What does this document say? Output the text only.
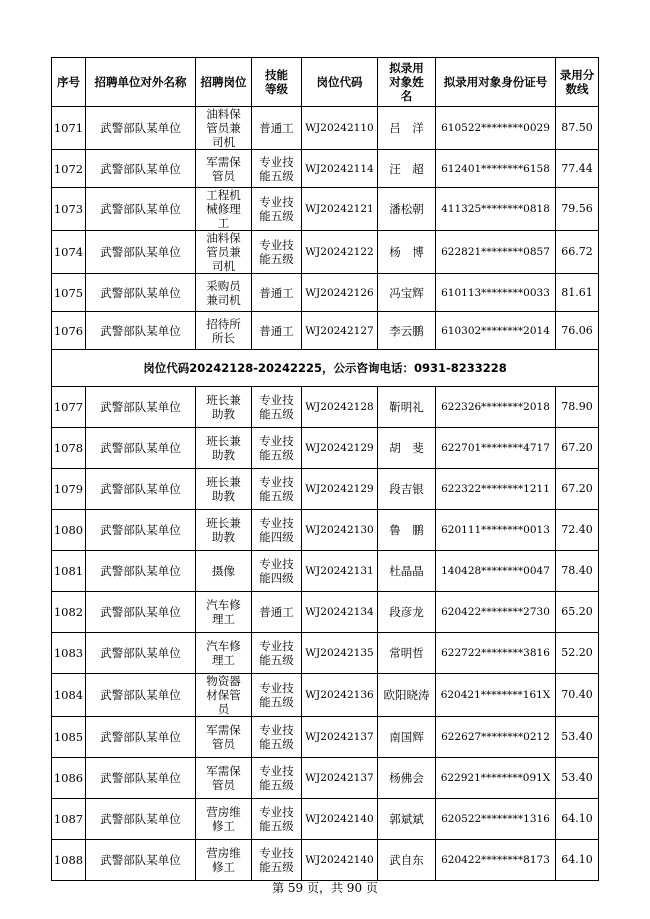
序号	招聘单位对外名称	招聘岗位	技能等级	岗位代码	拟录用对象姓名	拟录用对象身份证号	录用分数线
1071	武警部队某单位	油料保管员兼司机	普通工	WJ20242110	吕　洋	610522********0029	87.50
1072	武警部队某单位	军需保管员	专业技能五级	WJ20242114	汪　超	612401********6158	77.44
1073	武警部队某单位	工程机械修理工	专业技能五级	WJ20242121	潘松朝	411325********0818	79.56
1074	武警部队某单位	油料保管员兼司机	专业技能五级	WJ20242122	杨　博	622821********0857	66.72
1075	武警部队某单位	采购员兼司机	普通工	WJ20242126	冯宝辉	610113********0033	81.61
1076	武警部队某单位	招待所所长	普通工	WJ20242127	李云鹏	610302********2014	76.06
岗位代码20242128-20242225，公示咨询电话：0931-8233228							
1077	武警部队某单位	班长兼助教	专业技能五级	WJ20242128	靳明礼	622326********2018	78.90
1078	武警部队某单位	班长兼助教	专业技能五级	WJ20242129	胡　斐	622701********4717	67.20
1079	武警部队某单位	班长兼助教	专业技能五级	WJ20242129	段吉银	622322********1211	67.20
1080	武警部队某单位	班长兼助教	专业技能四级	WJ20242130	鲁　鹏	620111********0013	72.40
1081	武警部队某单位	摄像	专业技能四级	WJ20242131	杜晶晶	140428********0047	78.40
1082	武警部队某单位	汽车修理工	普通工	WJ20242134	段彦龙	620422********2730	65.20
1083	武警部队某单位	汽车修理工	专业技能五级	WJ20242135	常明哲	622722********3816	52.20
1084	武警部队某单位	物资器材保管员	专业技能五级	WJ20242136	欧阳晓涛	620421********161X	70.40
1085	武警部队某单位	军需保管员	专业技能五级	WJ20242137	南国辉	622627********0212	53.40
1086	武警部队某单位	军需保管员	专业技能五级	WJ20242137	杨佛会	622921********091X	53.40
1087	武警部队某单位	营房维修工	专业技能五级	WJ20242140	郭斌斌	620522********1316	64.10
1088	武警部队某单位	营房维修工	专业技能五级	WJ20242140	武自东	620422********8173	64.10
第 59 页，共 90 页
